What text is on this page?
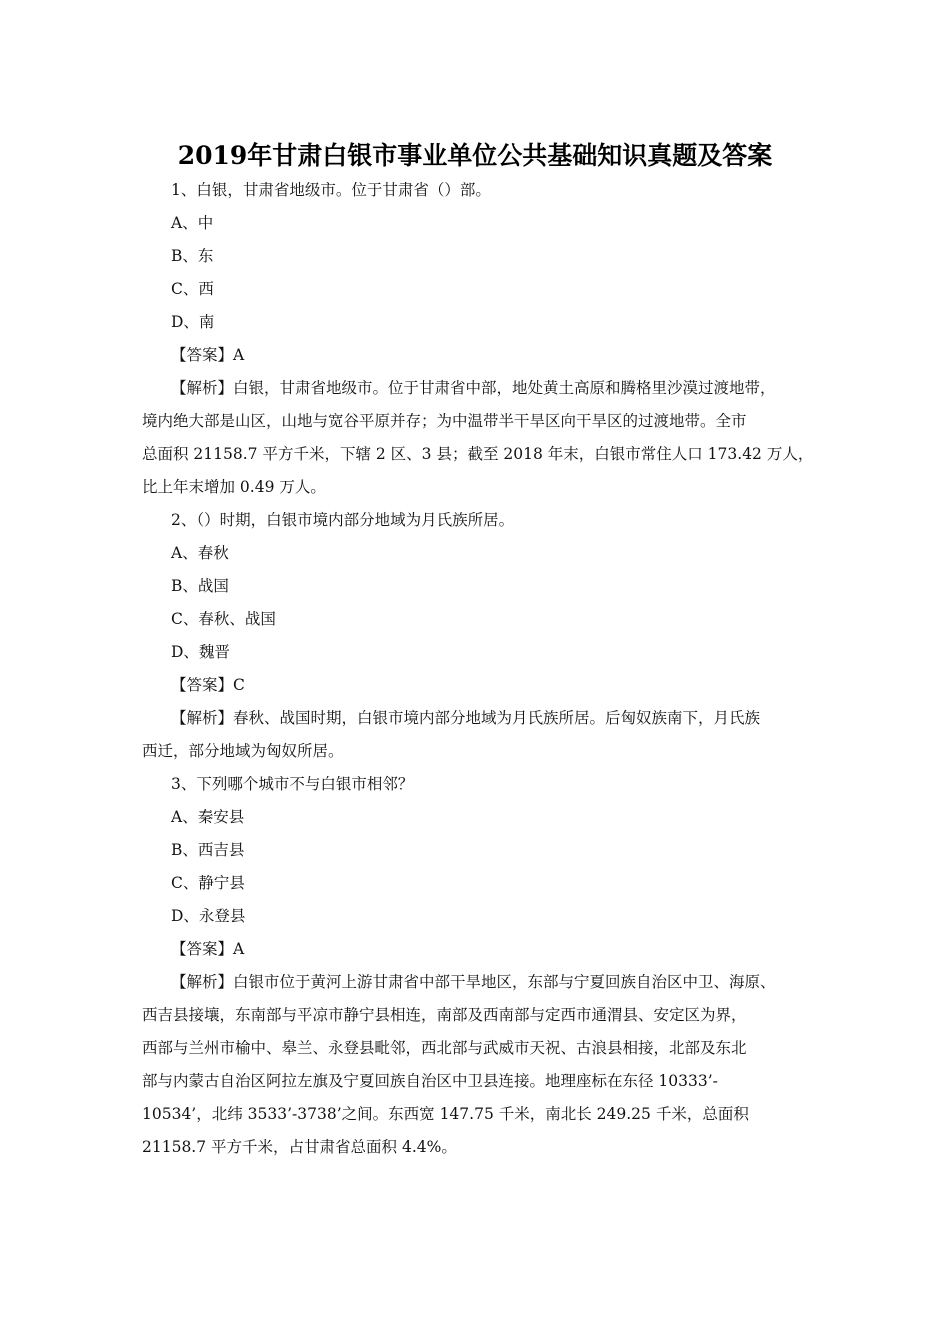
2019年甘肃白银市事业单位公共基础知识真题及答案
1、白银，甘肃省地级市。位于甘肃省（）部。
A、中
B、东
C、西
D、南
【答案】A
【解析】白银，甘肃省地级市。位于甘肃省中部，地处黄土高原和腾格里沙漠过渡地带，
境内绝大部是山区，山地与宽谷平原并存；为中温带半干旱区向干旱区的过渡地带。全市
总面积 21158.7 平方千米，下辖 2 区、3 县；截至 2018 年末，白银市常住人口 173.42 万人，
比上年末增加 0.49 万人。
2、（）时期，白银市境内部分地域为月氏族所居。
A、春秋
B、战国
C、春秋、战国
D、魏晋
【答案】C
【解析】春秋、战国时期，白银市境内部分地域为月氏族所居。后匈奴族南下，月氏族
西迁，部分地域为匈奴所居。
3、下列哪个城市不与白银市相邻？
A、秦安县
B、西吉县
C、静宁县
D、永登县
【答案】A
【解析】白银市位于黄河上游甘肃省中部干旱地区，东部与宁夏回族自治区中卫、海原、
西吉县接壤，东南部与平凉市静宁县相连，南部及西南部与定西市通渭县、安定区为界，
西部与兰州市榆中、皋兰、永登县毗邻，西北部与武威市天祝、古浪县相接，北部及东北
部与内蒙古自治区阿拉左旗及宁夏回族自治区中卫县连接。地理座标在东径 10333’-
10534’，北纬 3533’-3738’之间。东西宽 147.75 千米，南北长 249.25 千米，总面积
21158.7 平方千米，占甘肃省总面积 4.4%。
